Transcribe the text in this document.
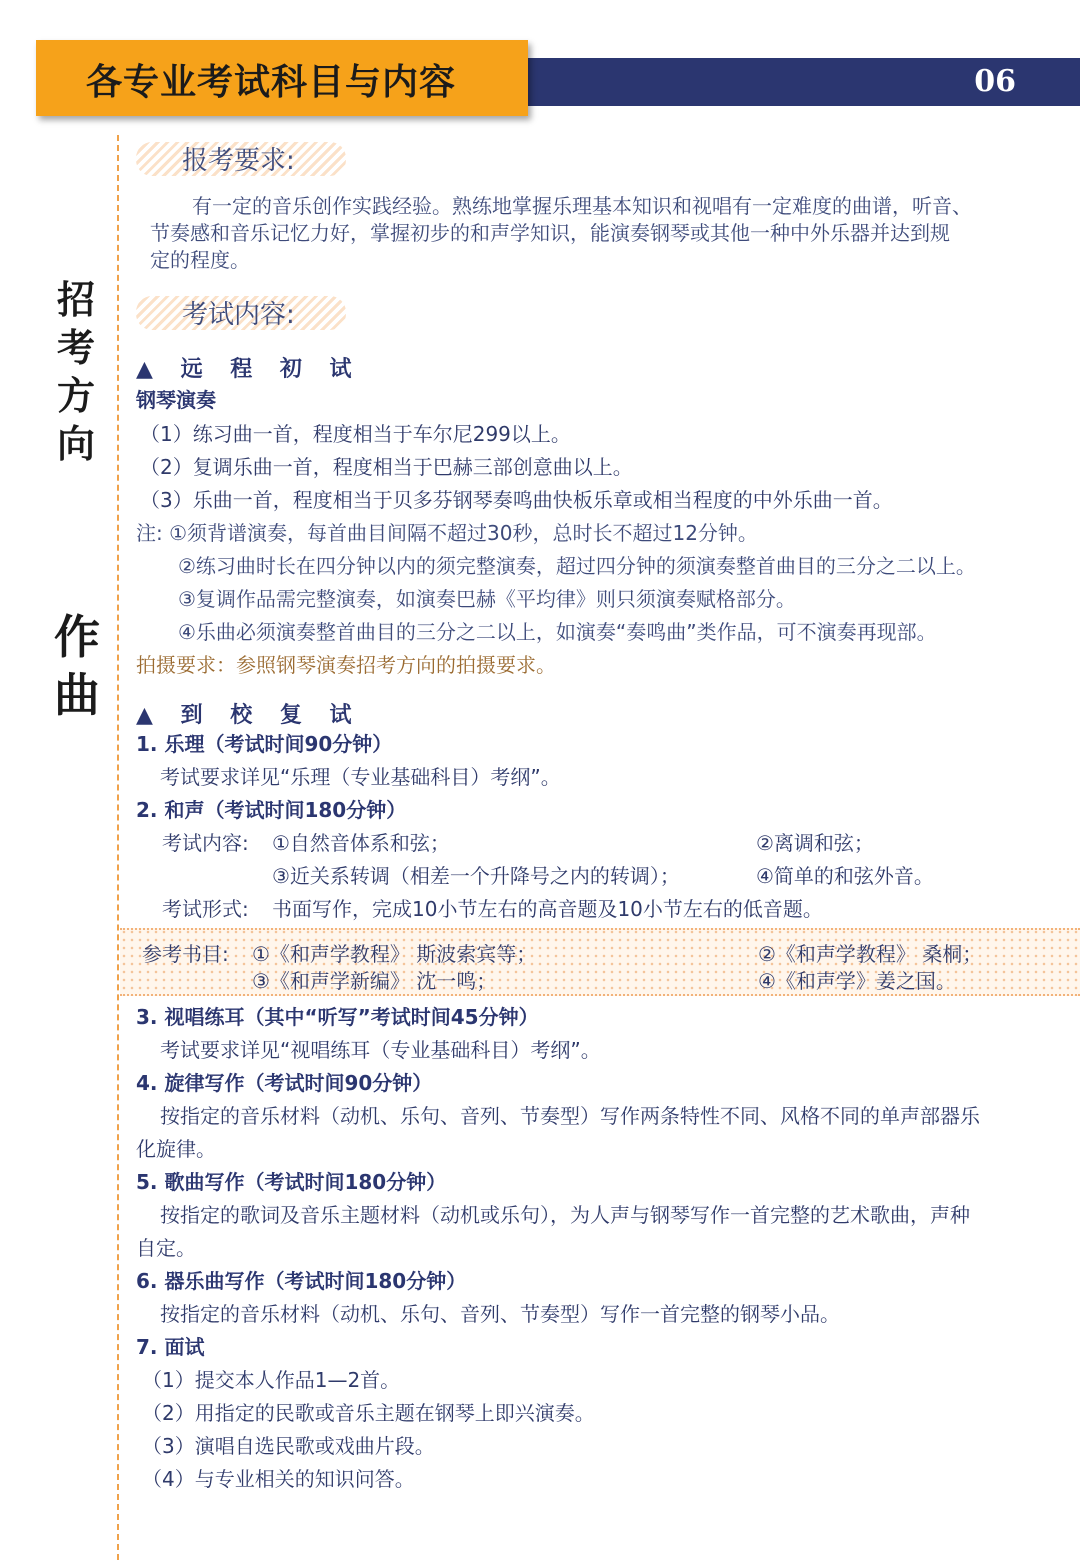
06
各专业考试科目与内容
招
考
方
向
作
曲
报考要求:
有一定的音乐创作实践经验。熟练地掌握乐理基本知识和视唱有一定难度的曲谱，听音、
节奏感和音乐记忆力好，掌握初步的和声学知识，能演奏钢琴或其他一种中外乐器并达到规
定的程度。
考试内容:
▲ 远 程 初 试
钢琴演奏
（1）练习曲一首，程度相当于车尔尼299以上。
（2）复调乐曲一首，程度相当于巴赫三部创意曲以上。
（3）乐曲一首，程度相当于贝多芬钢琴奏鸣曲快板乐章或相当程度的中外乐曲一首。
注: ①须背谱演奏，每首曲目间隔不超过30秒，总时长不超过12分钟。
②练习曲时长在四分钟以内的须完整演奏，超过四分钟的须演奏整首曲目的三分之二以上。
③复调作品需完整演奏，如演奏巴赫《平均律》则只须演奏赋格部分。
④乐曲必须演奏整首曲目的三分之二以上，如演奏“奏鸣曲”类作品，可不演奏再现部。
拍摄要求：参照钢琴演奏招考方向的拍摄要求。
▲ 到 校 复 试
1. 乐理（考试时间90分钟）
考试要求详见“乐理（专业基础科目）考纲”。
2. 和声（考试时间180分钟）
考试内容: ①自然音体系和弦；	②离调和弦；
③近关系转调（相差一个升降号之内的转调）；	④简单的和弦外音。
考试形式: 书面写作，完成10小节左右的高音题及10小节左右的低音题。
参考书目: ①《和声学教程》 斯波索宾等；	②《和声学教程》 桑桐；
③《和声学新编》 沈一鸣；	④《和声学》姜之国。
3. 视唱练耳（其中“听写”考试时间45分钟）
考试要求详见“视唱练耳（专业基础科目）考纲”。
4. 旋律写作（考试时间90分钟）
按指定的音乐材料（动机、乐句、音列、节奏型）写作两条特性不同、风格不同的单声部器乐
化旋律。
5. 歌曲写作（考试时间180分钟）
按指定的歌词及音乐主题材料（动机或乐句），为人声与钢琴写作一首完整的艺术歌曲，声种
自定。
6. 器乐曲写作（考试时间180分钟）
按指定的音乐材料（动机、乐句、音列、节奏型）写作一首完整的钢琴小品。
7. 面试
（1）提交本人作品1—2首。
（2）用指定的民歌或音乐主题在钢琴上即兴演奏。
（3）演唱自选民歌或戏曲片段。
（4）与专业相关的知识问答。
